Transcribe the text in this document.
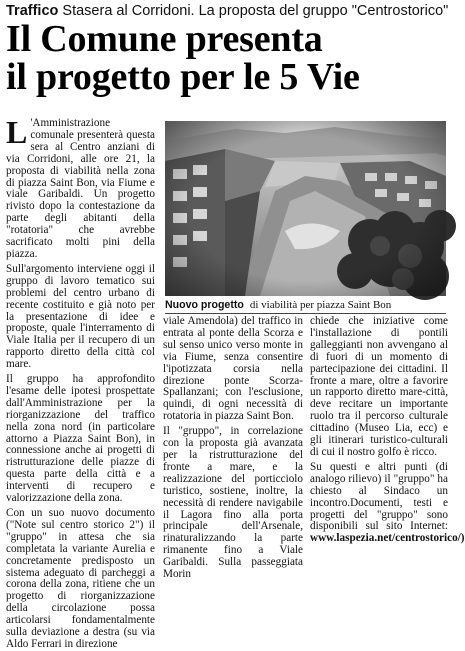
Traffico Stasera al Corridoni. La proposta del gruppo "Centrostorico"
Il Comune presenta
il progetto per le 5 Vie

L 'Amministrazione comunale presenterà questa sera al Centro anziani di via Corridoni, alle ore 21, la proposta di viabilità nella zona di piazza Saint Bon, via Fiume e viale Garibaldi. Un progetto rivisto dopo la contestazione da parte degli abitanti della "rotatoria" che avrebbe sacrificato molti pini della piazza.

Sull'argomento interviene oggi il gruppo di lavoro tematico sui problemi del centro urbano di recente costituito e già noto per la presentazione di idee e proposte, quale l'interramento di Viale Italia per il recupero di un rapporto diretto della città col mare.

Il gruppo ha approfondito l'esame delle ipotesi prospettate dall'Amministrazione per la riorganizzazione del traffico nella zona nord (in particolare attorno a Piazza Saint Bon), in connessione anche ai progetti di ristrutturazione delle piazze di questa parte della città e a interventi di recupero e valorizzazione della zona.

Con un suo nuovo documento ("Note sul centro storico 2") il "gruppo" in attesa che sia completata la variante Aurelia e concretamente predisposto un sistema adeguato di parcheggi a corona della zona, ritiene che un progetto di riorganizzazione della circolazione possa articolarsi fondamentalmente sulla deviazione a destra (su via Aldo Ferrari in direzione

Nuovo progetto di viabilità per piazza Saint Bon

viale Amendola) del traffico in entrata al ponte della Scorza e sul senso unico verso monte in via Fiume, senza consentire l'ipotizzata corsia nella direzione ponte Scorza-Spallanzani; con l'esclusione, quindi, di ogni necessità di rotatoria in piazza Saint Bon.

Il "gruppo", in correlazione con la proposta già avanzata per la ristrutturazione del fronte a mare, e la realizzazione del porticciolo turistico, sostiene, inoltre, la necessità di rendere navigabile il Lagora fino alla porta principale dell'Arsenale, rinaturalizzando la parte rimanente fino a Viale Garibaldi. Sulla passeggiata Morin

chiede che iniziative come l'installazione di pontili galleggianti non avvengano al di fuori di un momento di partecipazione dei cittadini. Il fronte a mare, oltre a favorire un rapporto diretto mare-città, deve recitare un importante ruolo tra il percorso culturale cittadino (Museo Lia, ecc) e gli itinerari turistico-culturali di cui il nostro golfo è ricco.

Su questi e altri punti (di analogo rilievo) il "gruppo" ha chiesto al Sindaco un incontro.Documenti, testi e progetti del "gruppo" sono disponibili sul sito Internet: www.laspezia.net/centrostorico/)
